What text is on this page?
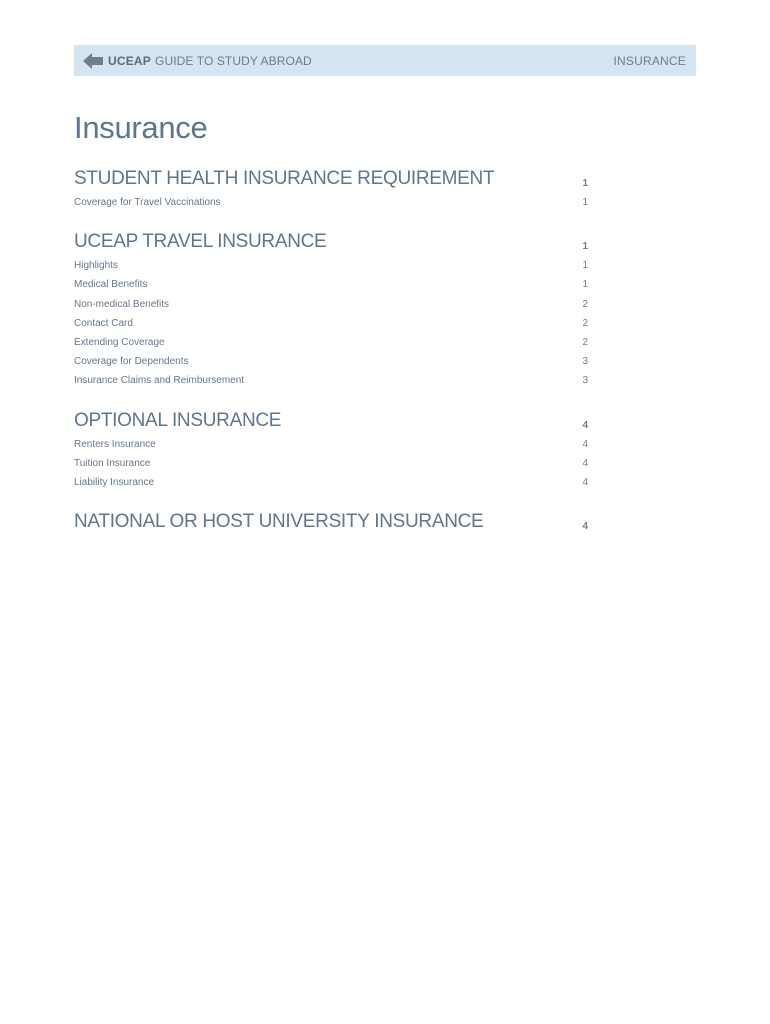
UCEAP GUIDE TO STUDY ABROAD	INSURANCE
Insurance
STUDENT HEALTH INSURANCE REQUIREMENT	1
Coverage for Travel Vaccinations	1
UCEAP TRAVEL INSURANCE	1
Highlights	1
Medical Benefits	1
Non-medical Benefits	2
Contact Card	2
Extending Coverage	2
Coverage for Dependents	3
Insurance Claims and Reimbursement	3
OPTIONAL INSURANCE	4
Renters Insurance	4
Tuition Insurance	4
Liability Insurance	4
NATIONAL OR HOST UNIVERSITY INSURANCE	4
